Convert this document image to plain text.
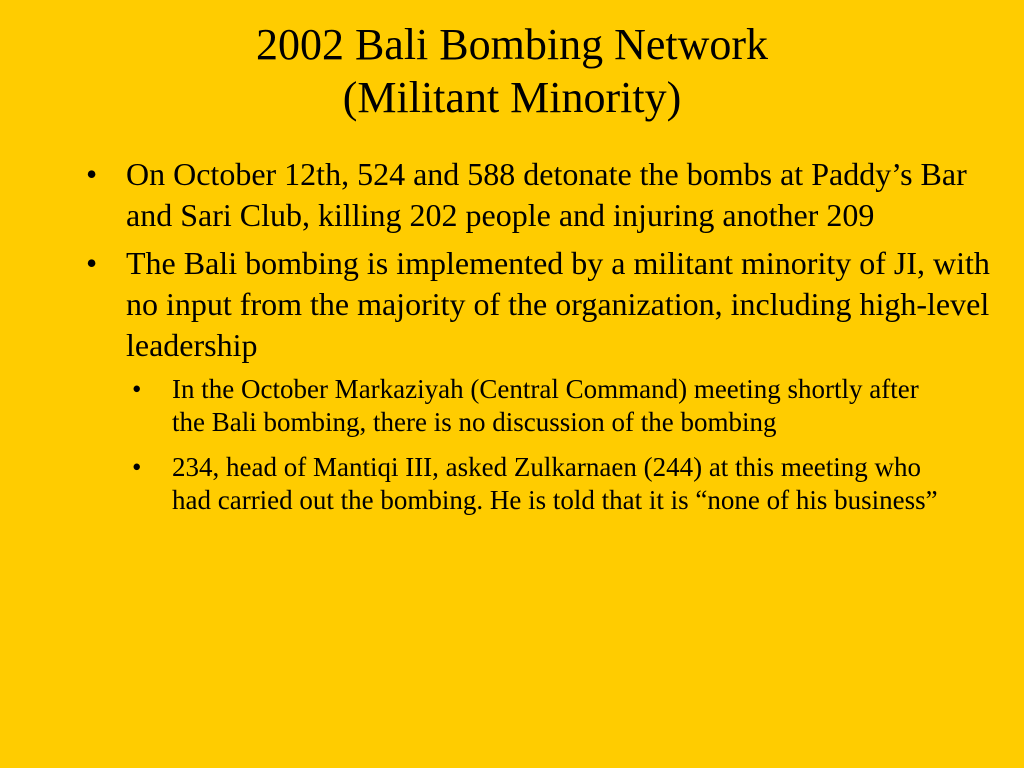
2002 Bali Bombing Network
(Militant Minority)
• On October 12th, 524 and 588 detonate the bombs at Paddy’s Bar and Sari Club, killing 202 people and injuring another 209
• The Bali bombing is implemented by a militant minority of JI, with no input from the majority of the organization, including high-level leadership
• In the October Markaziyah (Central Command) meeting shortly after the Bali bombing, there is no discussion of the bombing
• 234, head of Mantiqi III, asked Zulkarnaen (244) at this meeting who had carried out the bombing. He is told that it is “none of his business”
